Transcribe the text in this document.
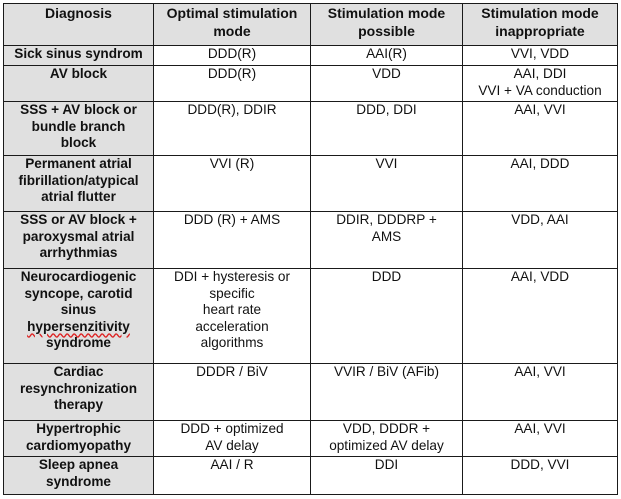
Diagnosis	Optimal stimulation mode	Stimulation mode possible	Stimulation mode inappropriate

Sick sinus syndrom	DDD(R)	AAI(R)	VVI, VDD

AV block	DDD(R)	VDD	AAI, DDI
VVI + VA conduction

SSS + AV block or
bundle branch
block	DDD(R), DDIR	DDD, DDI	AAI, VVI

Permanent atrial
fibrillation/atypical
atrial flutter	VVI (R)	VVI	AAI, DDD

SSS or AV block +
paroxysmal atrial
arrhythmias	DDD (R) + AMS	DDIR, DDDRP +
AMS	VDD, AAI

Neurocardiogenic
syncope, carotid
sinus
hypersenzitivity
syndrome	DDI + hysteresis or
specific
heart rate
acceleration
algorithms	DDD	AAI, VDD

Cardiac
resynchronization
therapy	DDDR / BiV	VVIR / BiV (AFib)	AAI, VVI

Hypertrophic
cardiomyopathy	DDD + optimized
AV delay	VDD, DDDR +
optimized AV delay	AAI, VVI

Sleep apnea
syndrome	AAI / R	DDI	DDD, VVI
